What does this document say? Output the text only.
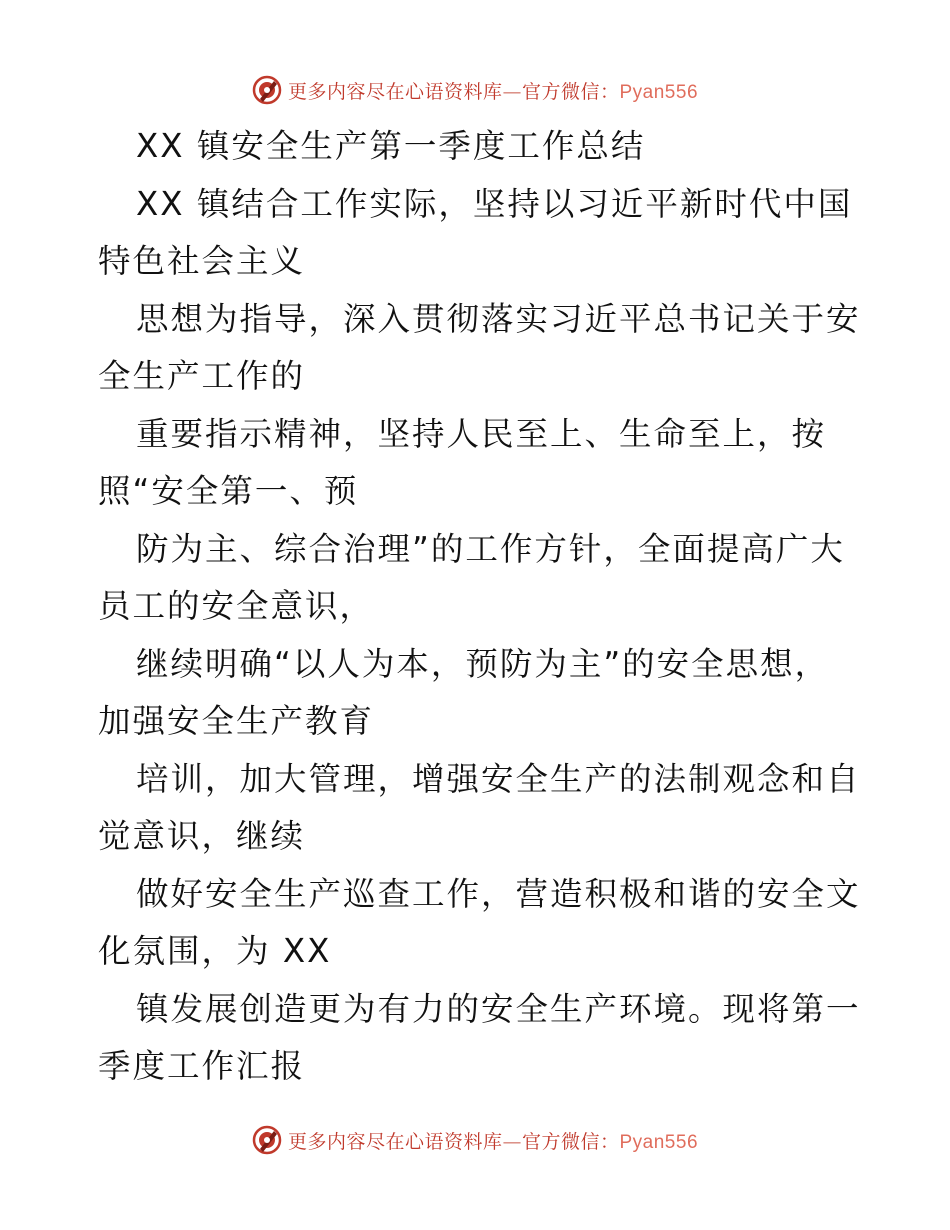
更多内容尽在心语资料库—官方微信：Pyan556
XX 镇安全生产第一季度工作总结
XX 镇结合工作实际，坚持以习近平新时代中国
特色社会主义
思想为指导，深入贯彻落实习近平总书记关于安
全生产工作的
重要指示精神，坚持人民至上、生命至上，按
照“安全第一、预
防为主、综合治理”的工作方针，全面提高广大
员工的安全意识，
继续明确“以人为本，预防为主”的安全思想，
加强安全生产教育
培训，加大管理，增强安全生产的法制观念和自
觉意识，继续
做好安全生产巡查工作，营造积极和谐的安全文
化氛围，为 XX
镇发展创造更为有力的安全生产环境。现将第一
季度工作汇报
更多内容尽在心语资料库—官方微信：Pyan556
